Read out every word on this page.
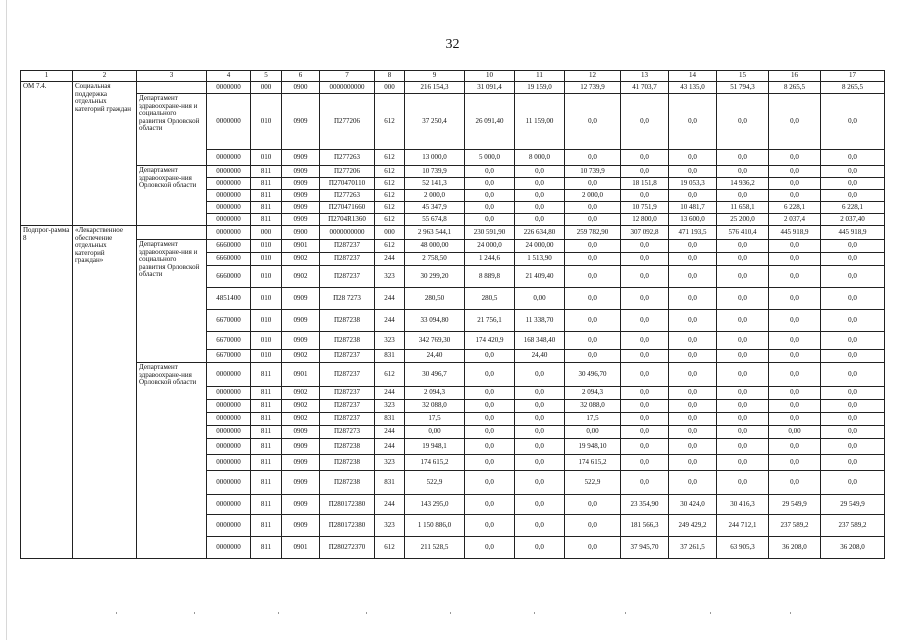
32
1	2	3	4	5	6	7	8	9	10	11	12	13	14	15	16	17
ОМ 7.4.	Социальная поддержка отдельных категорий граждан		0000000	000	0900	0000000000	000	216 154,3	31 091,4	19 159,0	12 739,9	41 703,7	43 135,0	51 794,3	8 265,5	8 265,5
		Департамент здравоохране-ния и социального развития Орловской области	0000000	010	0909	П277206	612	37 250,4	26 091,40	11 159,00	0,0	0,0	0,0	0,0	0,0	0,0
			0000000	010	0909	П277263	612	13 000,0	5 000,0	8 000,0	0,0	0,0	0,0	0,0	0,0	0,0
		Департамент здравоохране-ния Орловской области	0000000	811	0909	П277206	612	10 739,9	0,0	0,0	10 739,9	0,0	0,0	0,0	0,0	0,0
			0000000	811	0909	П270470110	612	52 141,3	0,0	0,0	0,0	18 151,8	19 053,3	14 936,2	0,0	0,0
			0000000	811	0909	П277263	612	2 000,0	0,0	0,0	2 000,0	0,0	0,0	0,0	0,0	0,0
			0000000	811	0909	П270471660	612	45 347,9	0,0	0,0	0,0	10 751,9	10 481,7	11 658,1	6 228,1	6 228,1
			0000000	811	0909	П2704R1360	612	55 674,8	0,0	0,0	0,0	12 800,0	13 600,0	25 200,0	2 037,4	2 037,40
Подпрог-рамма 8	«Лекарственное обеспечение отдельных категорий граждан»		0000000	000	0900	0000000000	000	2 963 544,1	230 591,90	226 634,80	259 782,90	307 092,8	471 193,5	576 410,4	445 918,9	445 918,9
		Департамент здравоохране-ния и социального развития Орловской области	6660000	010	0901	П287237	612	48 000,00	24 000,0	24 000,00	0,0	0,0	0,0	0,0	0,0	0,0
			6660000	010	0902	П287237	244	2 758,50	1 244,6	1 513,90	0,0	0,0	0,0	0,0	0,0	0,0
			6660000	010	0902	П287237	323	30 299,20	8 889,8	21 409,40	0,0	0,0	0,0	0,0	0,0	0,0
			4851400	010	0909	П28 7273	244	280,50	280,5	0,00	0,0	0,0	0,0	0,0	0,0	0,0
			6670000	010	0909	П287238	244	33 094,80	21 756,1	11 338,70	0,0	0,0	0,0	0,0	0,0	0,0
			6670000	010	0909	П287238	323	342 769,30	174 420,9	168 348,40	0,0	0,0	0,0	0,0	0,0	0,0
			6670000	010	0902	П287237	831	24,40	0,0	24,40	0,0	0,0	0,0	0,0	0,0	0,0
		Департамент здравоохране-ния Орловской области	0000000	811	0901	П287237	612	30 496,7	0,0	0,0	30 496,70	0,0	0,0	0,0	0,0	0,0
			0000000	811	0902	П287237	244	2 094,3	0,0	0,0	2 094,3	0,0	0,0	0,0	0,0	0,0
			0000000	811	0902	П287237	323	32 088,0	0,0	0,0	32 088,0	0,0	0,0	0,0	0,0	0,0
			0000000	811	0902	П287237	831	17,5	0,0	0,0	17,5	0,0	0,0	0,0	0,0	0,0
			0000000	811	0909	П287273	244	0,00	0,0	0,0	0,00	0,0	0,0	0,0	0,00	0,0
			0000000	811	0909	П287238	244	19 948,1	0,0	0,0	19 948,10	0,0	0,0	0,0	0,0	0,0
			0000000	811	0909	П287238	323	174 615,2	0,0	0,0	174 615,2	0,0	0,0	0,0	0,0	0,0
			0000000	811	0909	П287238	831	522,9	0,0	0,0	522,9	0,0	0,0	0,0	0,0	0,0
			0000000	811	0909	П280172380	244	143 295,0	0,0	0,0	0,0	23 354,90	30 424,0	30 416,3	29 549,9	29 549,9
			0000000	811	0909	П280172380	323	1 150 886,0	0,0	0,0	0,0	181 566,3	249 429,2	244 712,1	237 589,2	237 589,2
			0000000	811	0901	П280272370	612	211 528,5	0,0	0,0	0,0	37 945,70	37 261,5	63 905,3	36 208,0	36 208,0
